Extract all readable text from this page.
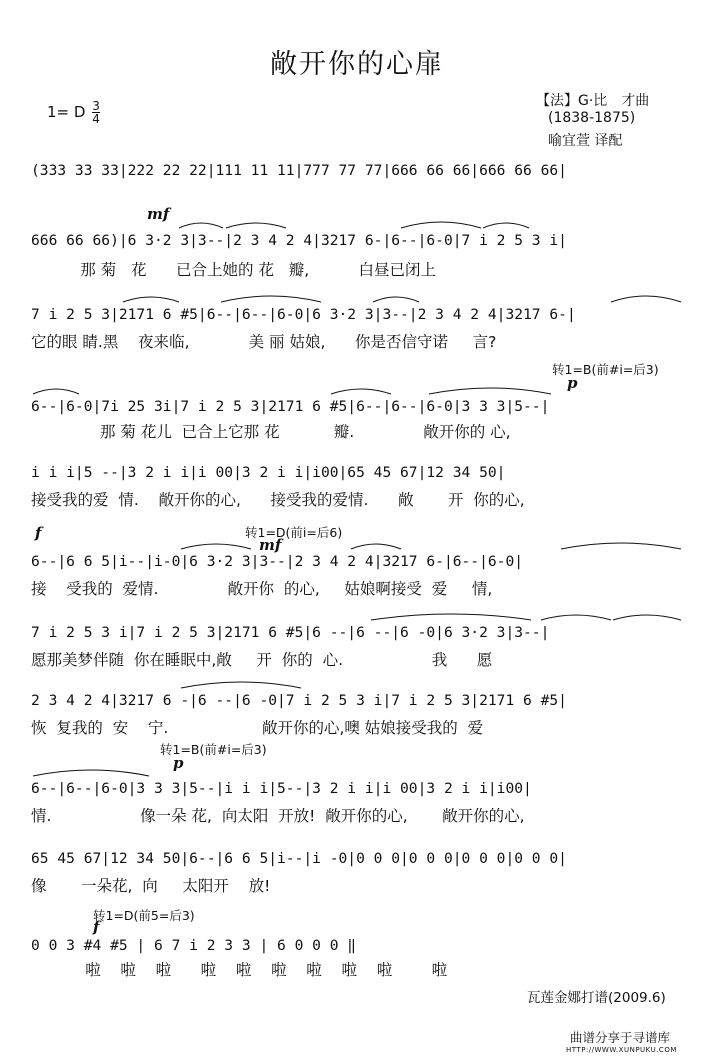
敞开你的心扉
1= D $\frac{3}{4}$	【法】G·比　才曲
(1838-1875)
喻宜萱 译配
(333 33 33|222 22 22|111 11 11|777 77 77|666 66 66|666 66 66|
mf
666 66 66)|6 3·2 3|3--|2 3 4 2 4|3217 6-|6--|6-0|7 i 2 5 3 i|
那 菊   花      已合上她的 花   瓣,          白昼已闭上
7 i 2 5 3|2171 6 #5|6--|6--|6-0|6 3·2 3|3--|2 3 4 2 4|3217 6-|
它的眼 睛.黑    夜来临,            美 丽 姑娘,      你是否信守诺     言?
转1=B(前#i=后3)
p
6--|6-0|7i 25 3i|7 i 2 5 3|2171 6 #5|6--|6--|6-0|3 3 3|5--|
那 菊 花儿  已合上它那 花           瓣.              敞开你的 心,
i i i|5 --|3 2 i i|i 00|3 2 i i|i00|65 45 67|12 34 50|
接受我的爱  情.    敞开你的心,      接受我的爱情.      敞       开  你的心,
f	转1=D(前i=后6)
mf
6--|6 6 5|i--|i-0|6 3·2 3|3--|2 3 4 2 4|3217 6-|6--|6-0|
接    受我的  爱情.              敞开你  的心,     姑娘啊接受  爱     情,
7 i 2 5 3 i|7 i 2 5 3|2171 6 #5|6 --|6 --|6 -0|6 3·2 3|3--|
愿那美梦伴随  你在睡眠中,敞     开  你的  心.                  我      愿
2 3 4 2 4|3217 6 -|6 --|6 -0|7 i 2 5 3 i|7 i 2 5 3|2171 6 #5|
恢  复我的  安    宁.                   敞开你的心,噢 姑娘接受我的  爱
转1=B(前#i=后3)
p
6--|6--|6-0|3 3 3|5--|i i i|5--|3 2 i i|i 00|3 2 i i|i00|
情.                  像一朵 花,  向太阳  开放!  敞开你的心,       敞开你的心,
65 45 67|12 34 50|6--|6 6 5|i--|i -0|0 0 0|0 0 0|0 0 0|0 0 0|
像       一朵花,  向     太阳开    放!
转1=D(前5=后3)
f
0 0 3 #4 #5 | 6 7 i 2 3 3 | 6 0 0 0 ‖
啦    啦    啦      啦    啦    啦    啦    啦    啦        啦
瓦莲金娜打谱(2009.6)
曲谱分享于寻谱库
HTTP://WWW.XUNPUKU.COM
